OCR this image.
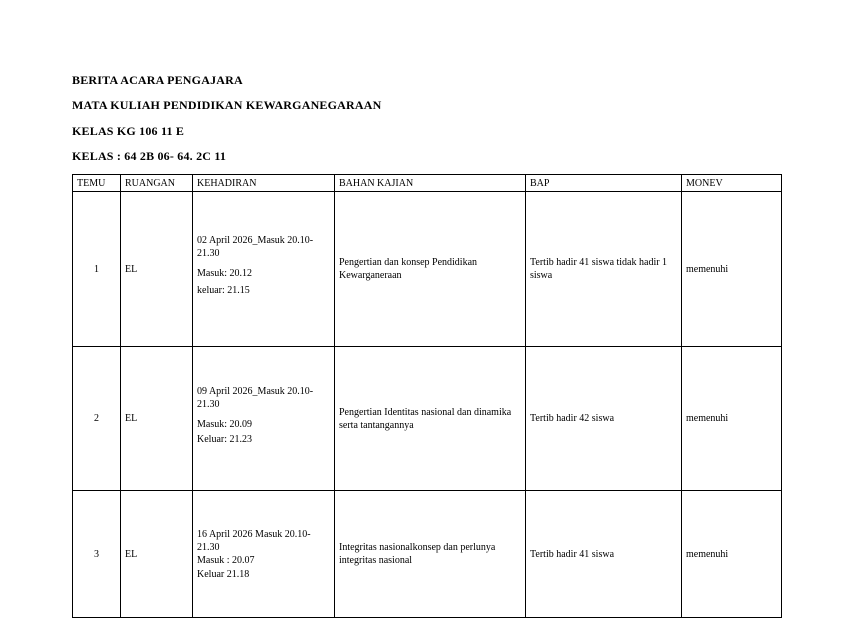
BERITA ACARA PENGAJARA
MATA KULIAH PENDIDIKAN KEWARGANEGARAAN
KELAS KG 106 11 E
KELAS : 64 2B 06- 64. 2C 11
TEMU	RUANGAN	KEHADIRAN	BAHAN KAJIAN	BAP	MONEV
1	EL	02 April 2026_Masuk 20.10-21.30
Masuk: 20.12
keluar: 21.15	Pengertian dan konsep Pendidikan Kewarganeraan	Tertib hadir 41 siswa tidak hadir 1 siswa	memenuhi
2	EL	09 April 2026_Masuk 20.10-21.30
Masuk: 20.09
Keluar: 21.23	Pengertian Identitas nasional dan dinamika serta tantangannya	Tertib hadir 42 siswa	memenuhi
3	EL	16 April 2026 Masuk 20.10-21.30
Masuk : 20.07
Keluar 21.18	Integritas nasionalkonsep dan perlunya integritas nasional	Tertib hadir 41 siswa	memenuhi
